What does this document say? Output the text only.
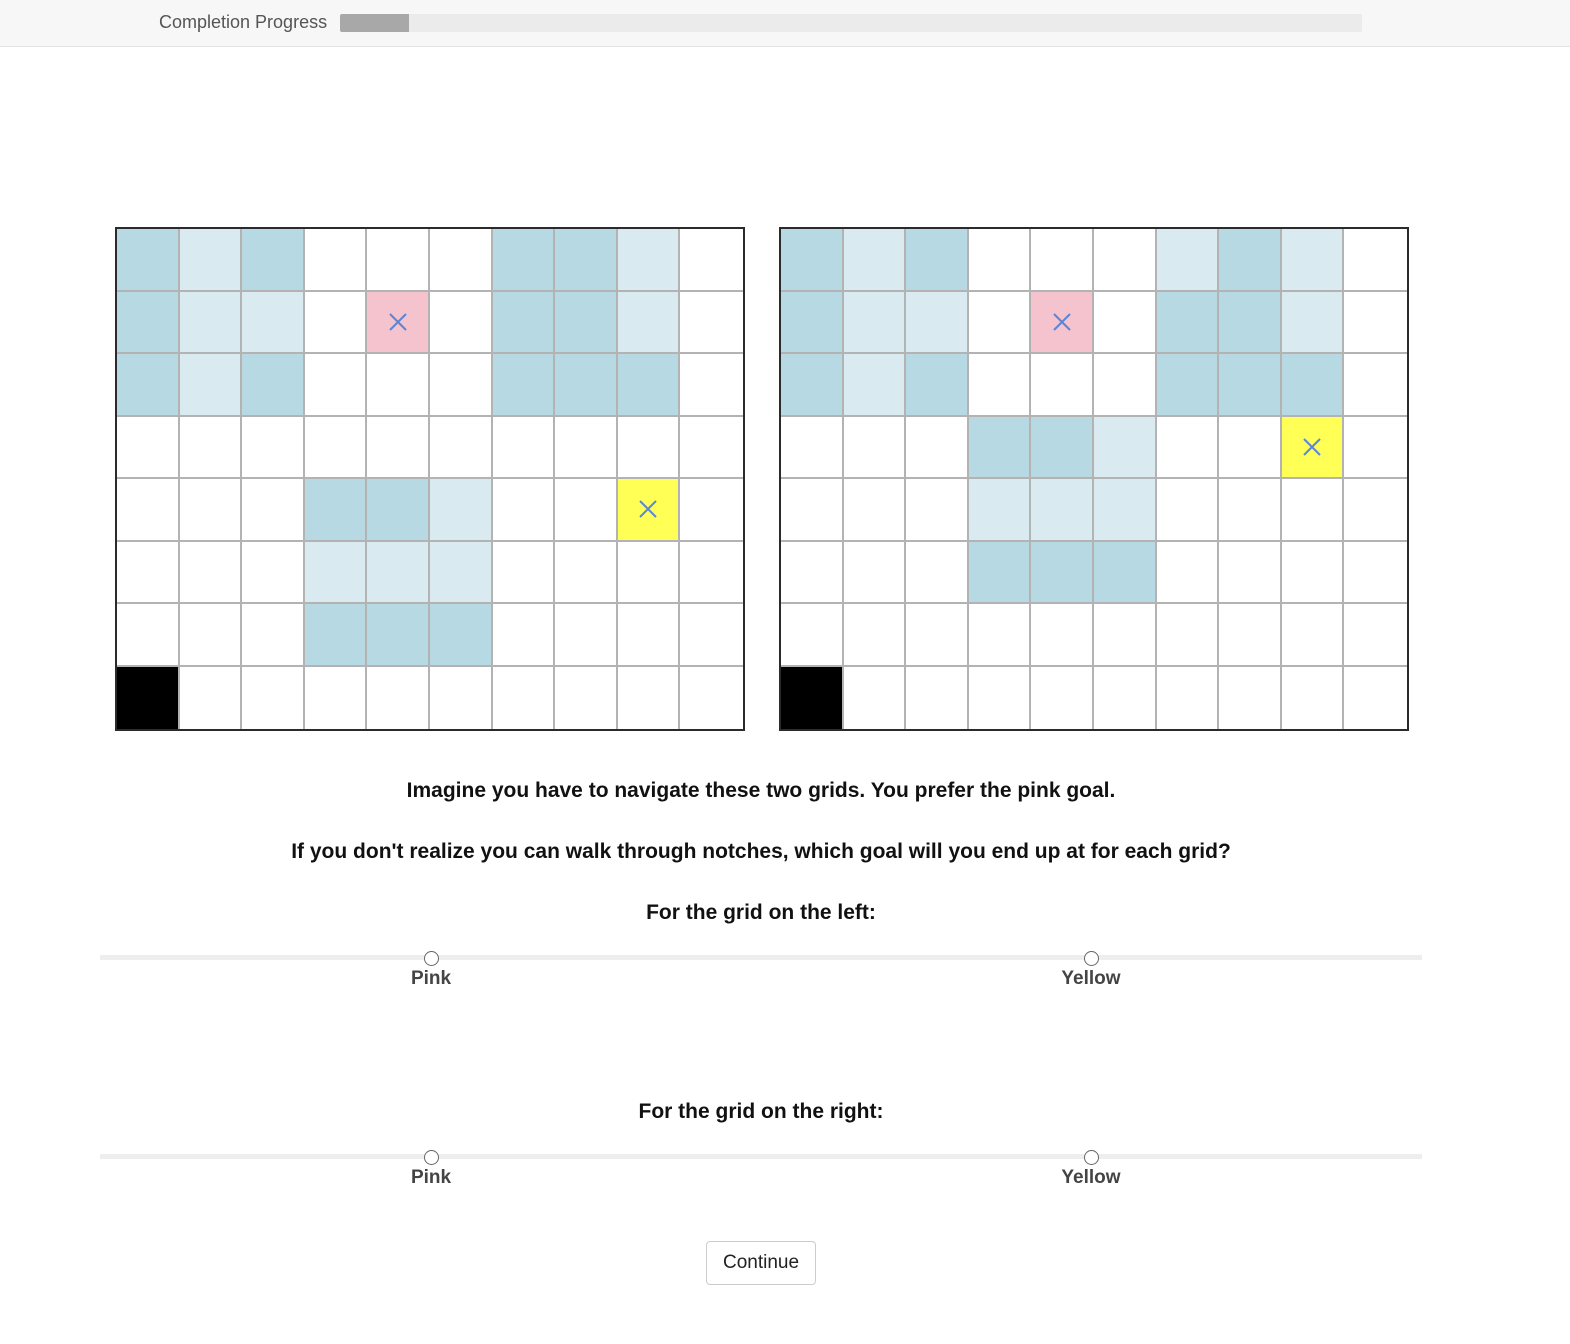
Completion Progress
Imagine you have to navigate these two grids. You prefer the pink goal.
If you don't realize you can walk through notches, which goal will you end up at for each grid?
For the grid on the left:
Pink	Yellow
For the grid on the right:
Pink	Yellow
Continue
